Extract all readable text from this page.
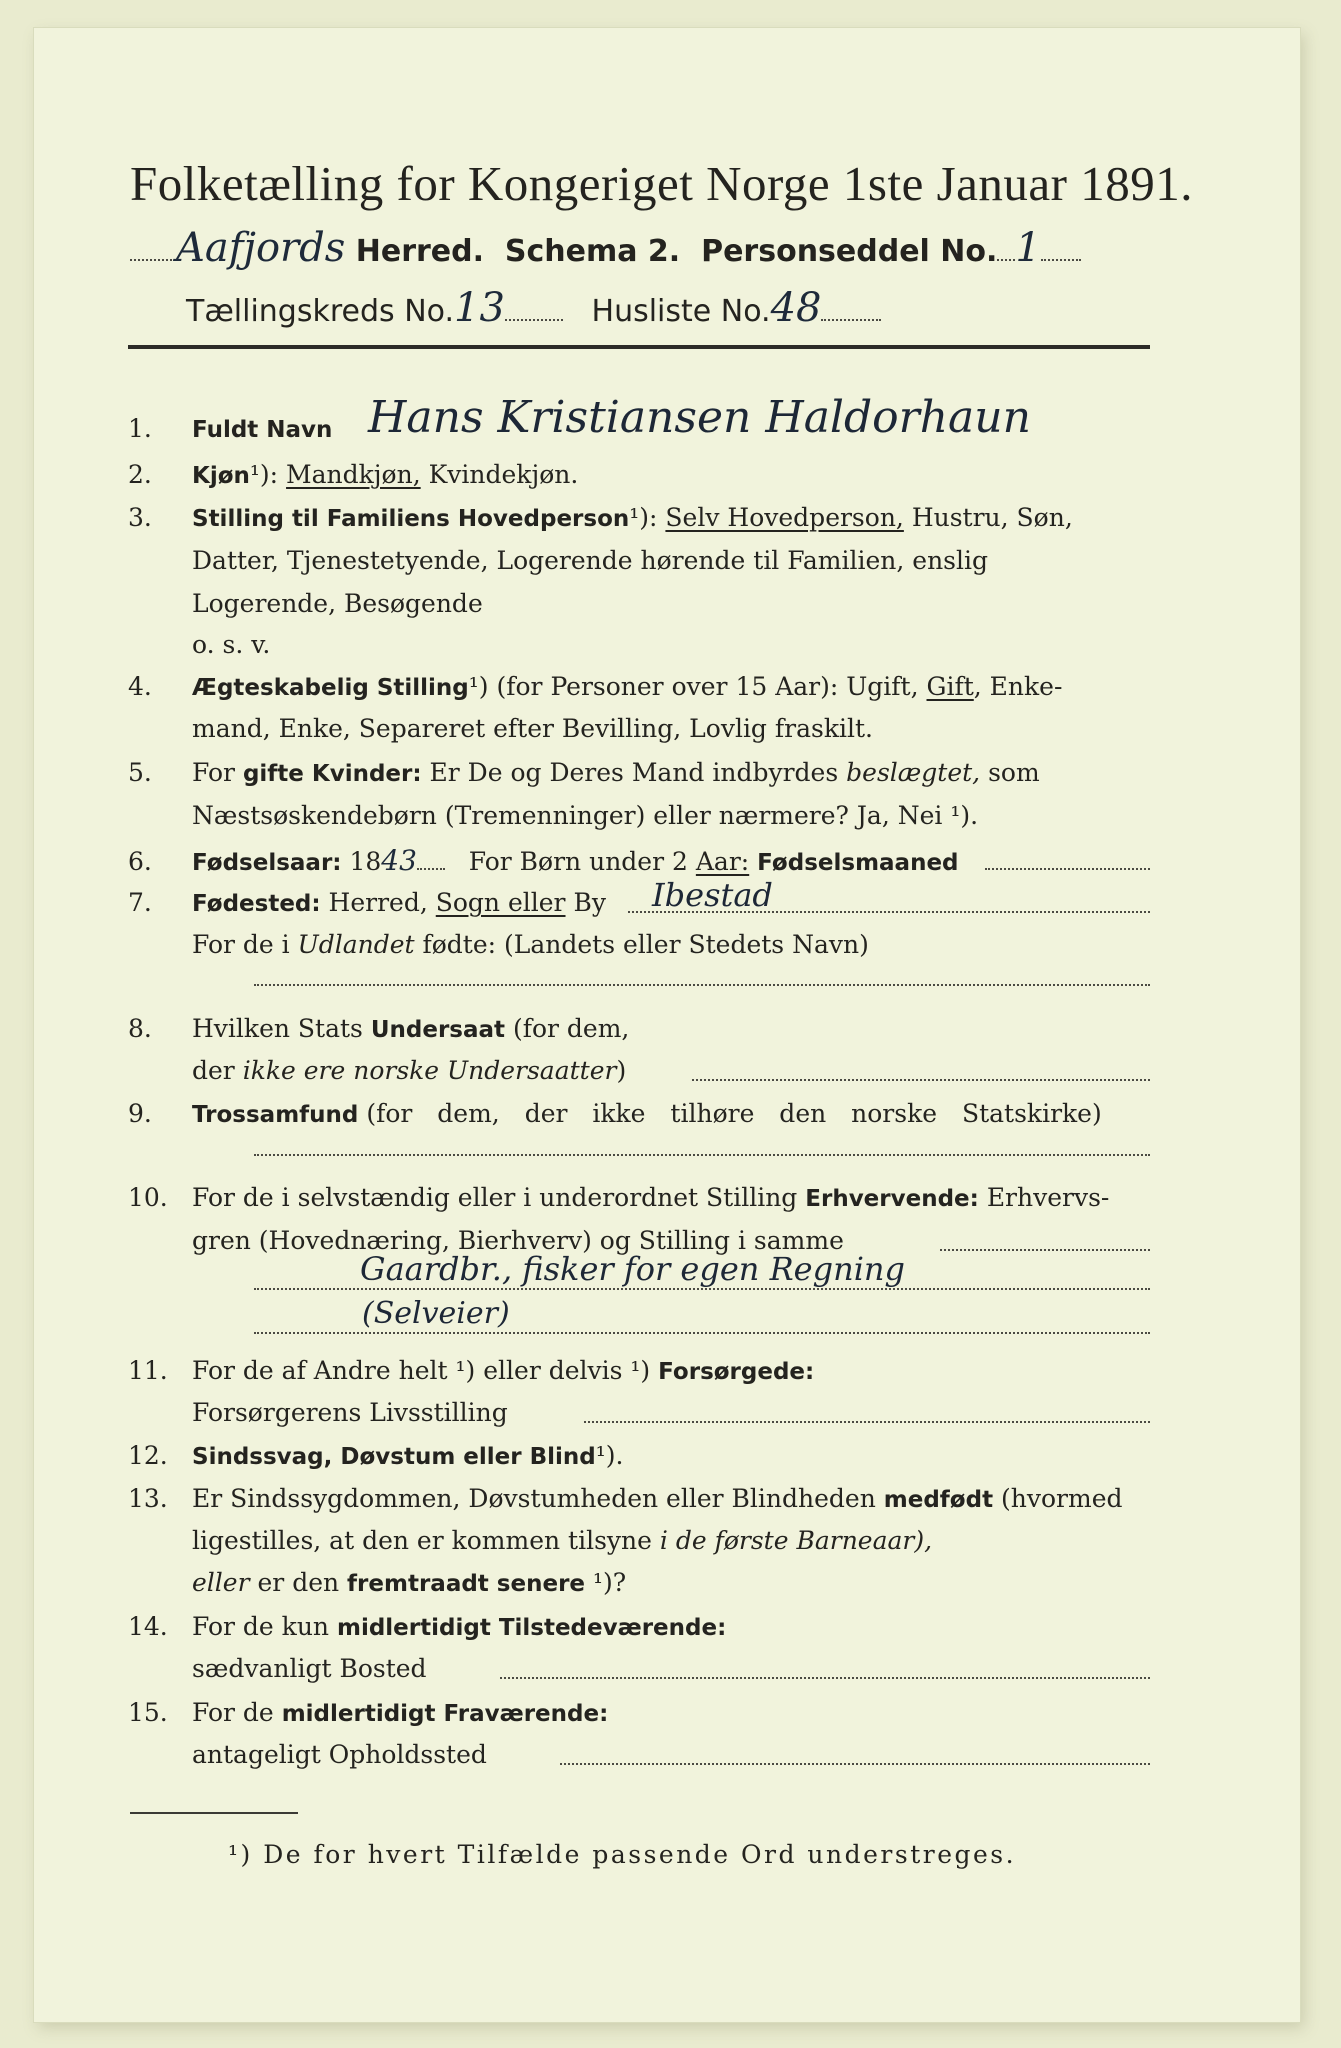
Folketælling for Kongeriget Norge 1ste Januar 1891.
Aafjords Herred. Schema 2. Personseddel No. 1
Tællingskreds No.13	Husliste No.48
1. Fuldt Navn Hans Kristiansen Haldorhaun
2. Kjøn¹): Mandkjøn, Kvindekjøn.
3. Stilling til Familiens Hovedperson¹): Selv Hovedperson, Hustru, Søn,
Datter, Tjenestetyende, Logerende hørende til Familien, enslig
Logerende, Besøgende
o. s. v.
4. Ægteskabelig Stilling¹) (for Personer over 15 Aar): Ugift, Gift, Enke-
mand, Enke, Separeret efter Bevilling, Lovlig fraskilt.
5. For gifte Kvinder: Er De og Deres Mand indbyrdes beslægtet, som
Næstsøskendebørn (Tremenninger) eller nærmere? Ja, Nei ¹).
6. Fødselsaar: 1843 For Børn under 2 Aar: Fødselsmaaned
7. Fødested: Herred, Sogn eller By	Ibestad
For de i Udlandet fødte: (Landets eller Stedets Navn)
8. Hvilken Stats Undersaat (for dem,
der ikke ere norske Undersaatter)
9. Trossamfund (for dem, der ikke tilhøre den norske Statskirke)
10. For de i selvstændig eller i underordnet Stilling Erhvervende: Erhvervs-
gren (Hovednæring, Bierhverv) og Stilling i samme
Gaardbr., fisker for egen Regning
(Selveier)
11. For de af Andre helt ¹) eller delvis ¹) Forsørgede:
Forsørgerens Livsstilling
12. Sindssvag, Døvstum eller Blind¹).
13. Er Sindssygdommen, Døvstumheden eller Blindheden medfødt (hvormed
ligestilles, at den er kommen tilsyne i de første Barneaar),
eller er den fremtraadt senere ¹)?
14. For de kun midlertidigt Tilstedeværende:
sædvanligt Bosted
15. For de midlertidigt Fraværende:
antageligt Opholdssted
¹) De for hvert Tilfælde passende Ord understreges.
